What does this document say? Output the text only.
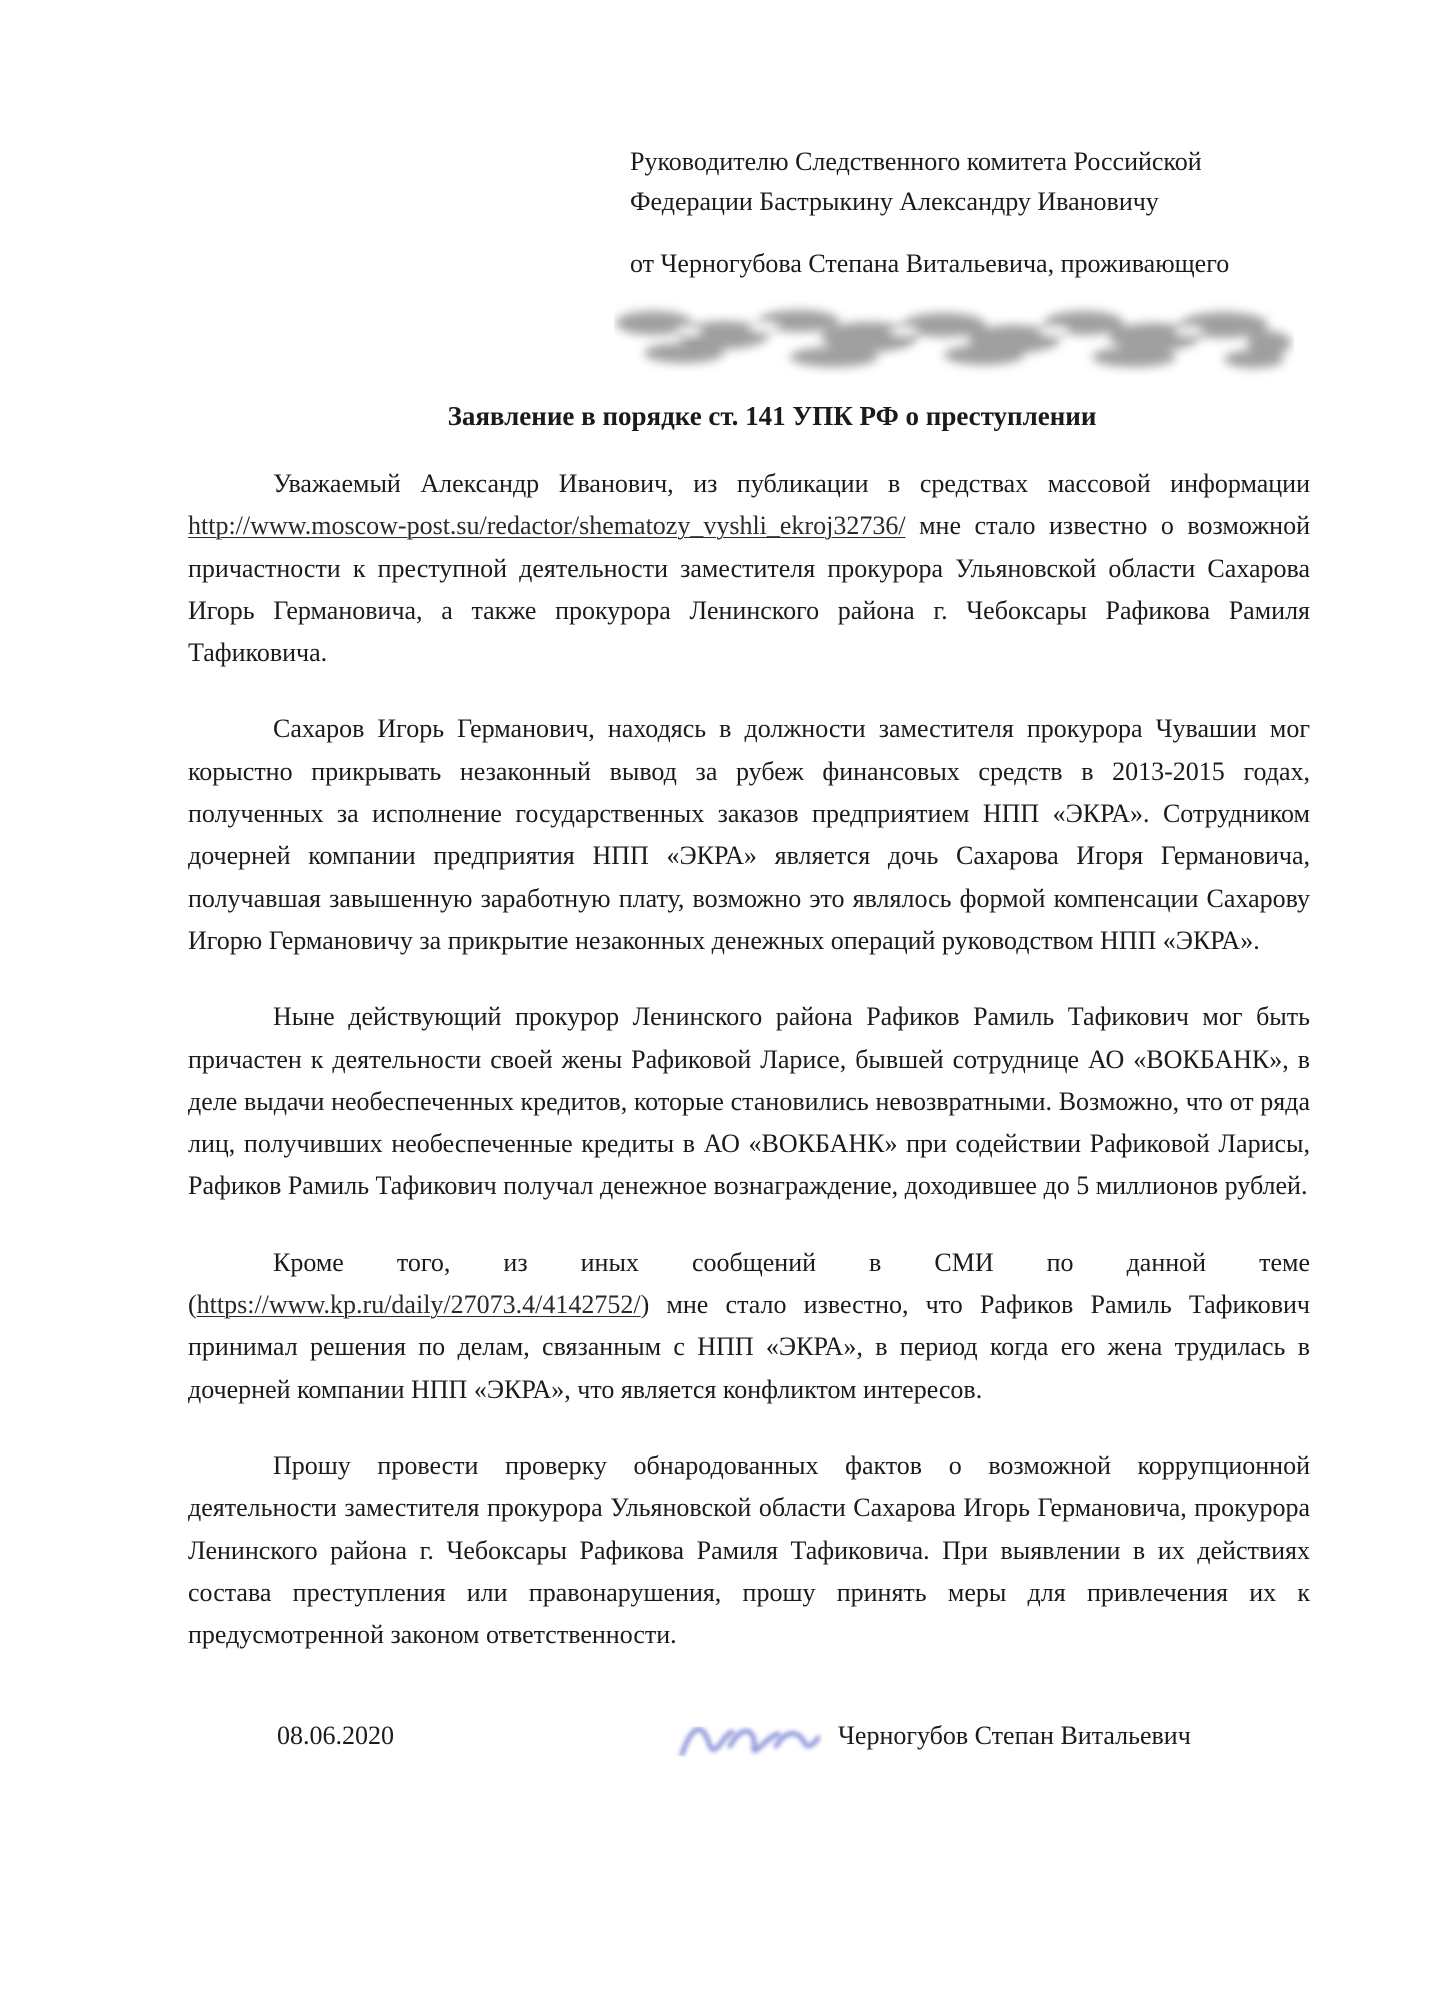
Руководителю Следственного комитета Российской

Федерации Бастрыкину Александру Ивановичу

от Черногубова Степана Витальевича, проживающего

Заявление в порядке ст. 141 УПК РФ о преступлении

Уважаемый Александр Иванович, из публикации в средствах массовой информации http://www.moscow-post.su/redactor/shematozy_vyshli_ekroj32736/ мне стало известно о возможной причастности к преступной деятельности заместителя прокурора Ульяновской области Сахарова Игорь Германовича, а также прокурора Ленинского района г. Чебоксары Рафикова Рамиля Тафиковича.

Сахаров Игорь Германович, находясь в должности заместителя прокурора Чувашии мог корыстно прикрывать незаконный вывод за рубеж финансовых средств в 2013-2015 годах, полученных за исполнение государственных заказов предприятием НПП «ЭКРА». Сотрудником дочерней компании предприятия НПП «ЭКРА» является дочь Сахарова Игоря Германовича, получавшая завышенную заработную плату, возможно это являлось формой компенсации Сахарову Игорю Германовичу за прикрытие незаконных денежных операций руководством НПП «ЭКРА».

Ныне действующий прокурор Ленинского района Рафиков Рамиль Тафикович мог быть причастен к деятельности своей жены Рафиковой Ларисе, бывшей сотруднице АО «ВОКБАНК», в деле выдачи необеспеченных кредитов, которые становились невозвратными. Возможно, что от ряда лиц, получивших необеспеченные кредиты в АО «ВОКБАНК» при содействии Рафиковой Ларисы, Рафиков Рамиль Тафикович получал денежное вознаграждение, доходившее до 5 миллионов рублей.

Кроме того, из иных сообщений в СМИ по данной теме (https://www.kp.ru/daily/27073.4/4142752/) мне стало известно, что Рафиков Рамиль Тафикович принимал решения по делам, связанным с НПП «ЭКРА», в период когда его жена трудилась в дочерней компании НПП «ЭКРА», что является конфликтом интересов.

Прошу провести проверку обнародованных фактов о возможной коррупционной деятельности заместителя прокурора Ульяновской области Сахарова Игорь Германовича, прокурора Ленинского района г. Чебоксары Рафикова Рамиля Тафиковича. При выявлении в их действиях состава преступления или правонарушения, прошу принять меры для привлечения их к предусмотренной законом ответственности.

08.06.2020	Черногубов Степан Витальевич
